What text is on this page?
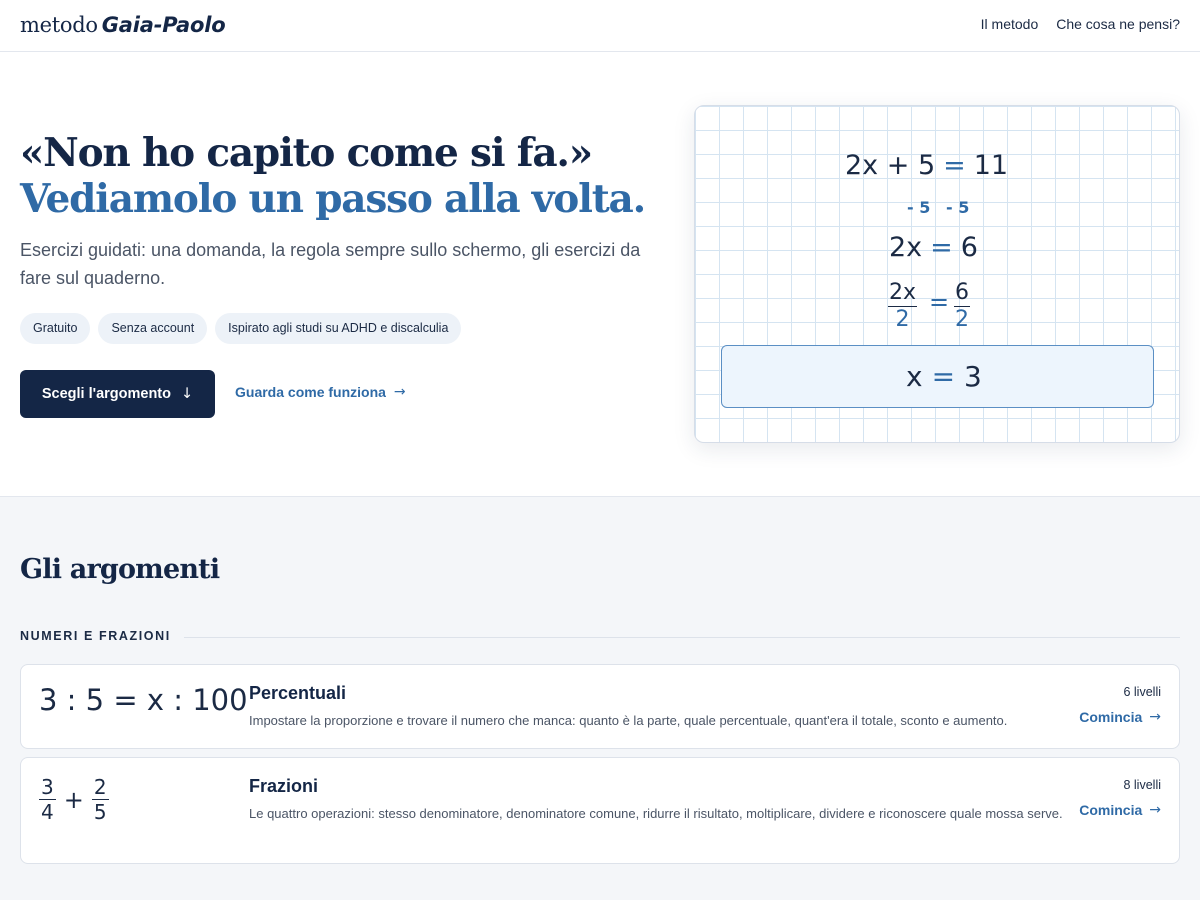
metodo Gaia-Paolo	Il metodo Che cosa ne pensi?
«Non ho capito come si fa.»
Vediamolo un passo alla volta.

Esercizi guidati: una domanda, la regola sempre sullo schermo, gli esercizi da fare sul quaderno.

Gratuito	Senza account	Ispirato agli studi su ADHD e discalculia
Scegli l'argomento ↓	Guarda come funziona →
2x + 5 = 11
- 5 - 5
2x = 6
$\frac{2x}{2} = \frac{6}{2}$
x = 3
Gli argomenti
NUMERI E FRAZIONI
3 : 5 = x : 100 Percentuali
Impostare la proporzione e trovare il numero che manca: quanto è la parte, quale percentuale, quant'era il totale, sconto e aumento.
6 livelli
Comincia →
$\frac{3}{4} + \frac{2}{5}$	Frazioni
Le quattro operazioni: stesso denominatore, denominatore comune, ridurre il risultato, moltiplicare, dividere e riconoscere quale mossa serve.
8 livelli
Comincia →
